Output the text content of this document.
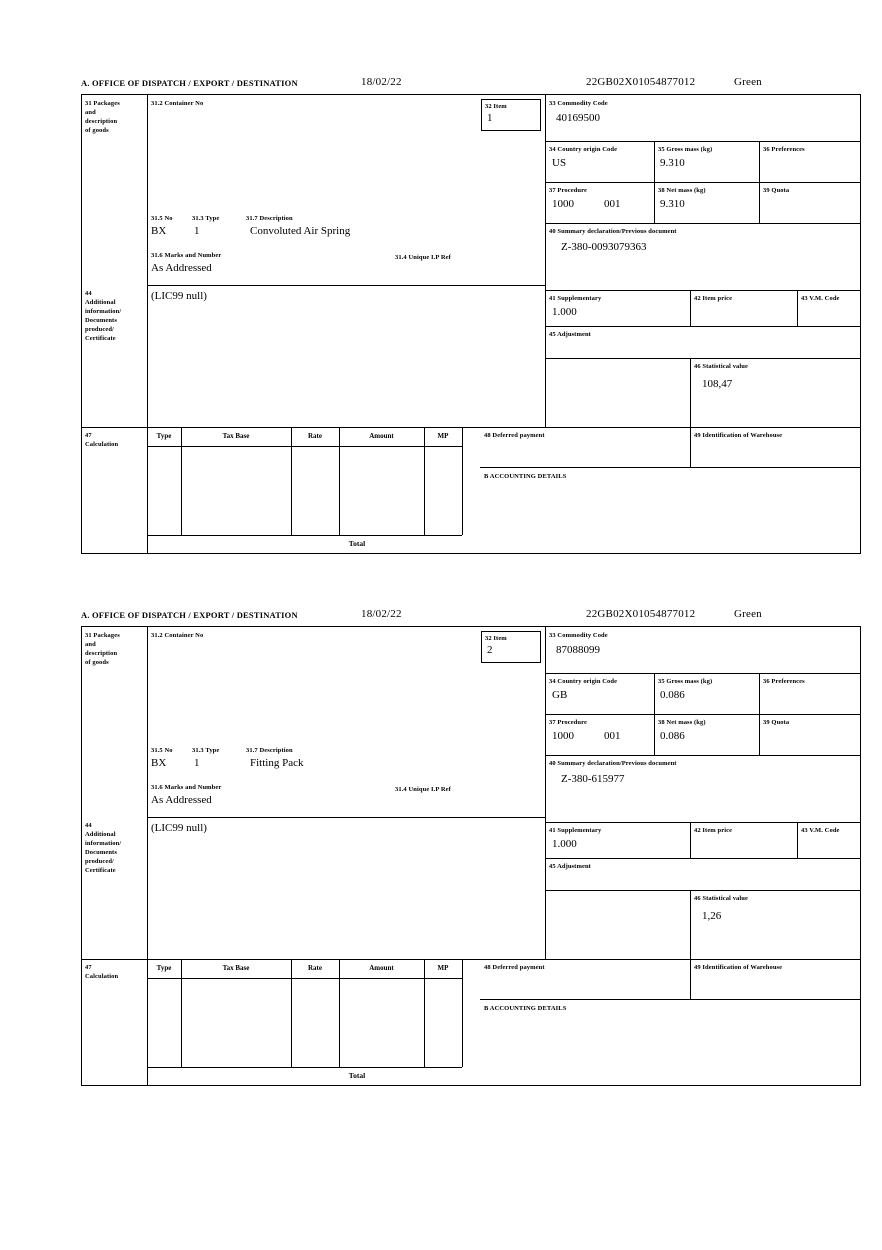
A. OFFICE OF DISPATCH / EXPORT / DESTINATION	18/02/22	22GB02X01054877012	Green
31 Packages
and
description
of goods
31.2 Container No	32 Item
1
33 Commodity Code
40169500
34 Country origin Code
US
35 Gross mass (kg)
9.310
36 Preferences
37 Procedure
1000	001
38 Net mass (kg)
9.310
39 Quota
40 Summary declaration/Previous document
Z-380-0093079363
41 Supplementary
1.000
42 Item price	43 V.M. Code
45 Adjustment
46 Statistical value
108,47
31.5 No	31.3 Type	31.7 Description
BX	1	Convoluted Air Spring
31.6 Marks and Number	31.4 Unique I.P Ref
As Addressed
44
Additional
information/
Documents
produced/
Certificate
(LIC99 null)
47
Calculation
Type	Tax Base	Rate	Amount	MP
Total
48 Deferred payment	49 Identification of Warehouse
B ACCOUNTING DETAILS
A. OFFICE OF DISPATCH / EXPORT / DESTINATION	18/02/22	22GB02X01054877012	Green
31 Packages
and
description
of goods
31.2 Container No	32 Item
2
33 Commodity Code
87088099
34 Country origin Code
GB
35 Gross mass (kg)
0.086
36 Preferences
37 Procedure
1000	001
38 Net mass (kg)
0.086
39 Quota
40 Summary declaration/Previous document
Z-380-615977
41 Supplementary
1.000
42 Item price	43 V.M. Code
45 Adjustment
46 Statistical value
1,26
31.5 No	31.3 Type	31.7 Description
BX	1	Fitting Pack
31.6 Marks and Number	31.4 Unique I.P Ref
As Addressed
44
Additional
information/
Documents
produced/
Certificate
(LIC99 null)
47
Calculation
Type	Tax Base	Rate	Amount	MP
Total
48 Deferred payment	49 Identification of Warehouse
B ACCOUNTING DETAILS
